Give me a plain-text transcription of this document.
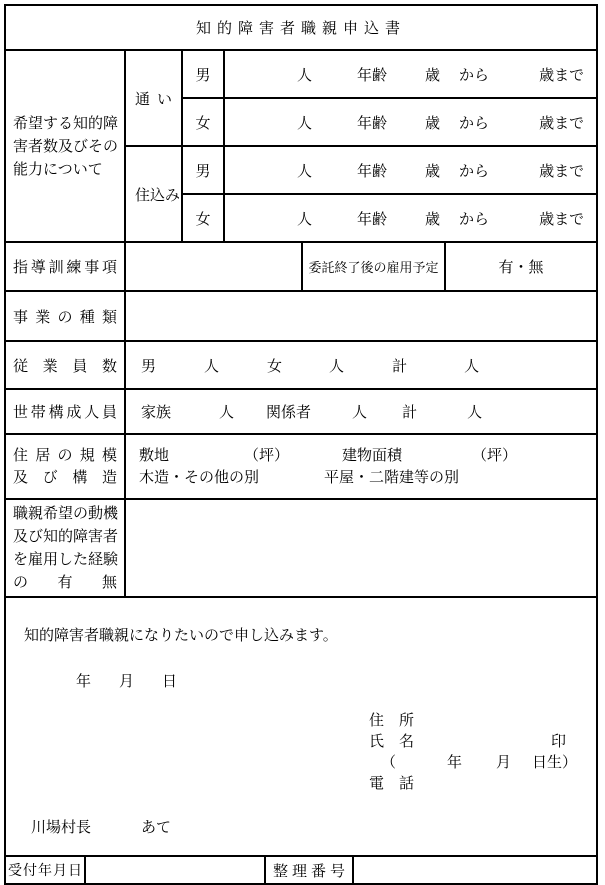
知的障害者職親申込書								

希望する知的障
害者数及びその
能力について		通い	男	人 年齢 歳 から 歳まで				

			女	人 年齢 歳 から 歳まで				

		住込み	男	人 年齢 歳 から 歳まで				

			女	人 年齢 歳 から 歳まで				

指導訓練事項						委託終了後の雇用予定		有・無

事業の種類								

従業員数	男	人	女	人	計	人

世帯構成人員	家族	人 関係者	人 計	人

住居の規模
及び構造

敷地	（坪）	建物面積	（坪）
木造・その他の別	平屋・二階建等の別

職親希望の動機
及び知的障害者
を雇用した経験
の有無								

知的障害者職親になりたいので申し込みます。
年 月 日
住　所
氏　名	印
（	年 月 日生）
電　話
川場村長	あて

受付年月日					整理番号			
